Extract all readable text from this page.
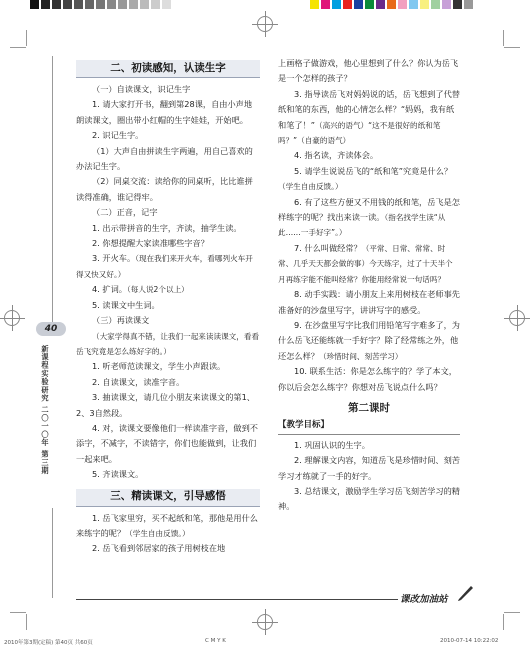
40
新课程实验研究 二〇一〇年 第三期
二、初读感知，认读生字

（一）自读课文，识记生字

1. 请大家打开书，翻到第28课，自由小声地朗读课文，圈出带小红帽的生字娃娃，开始吧。

2. 识记生字。

（1）大声自由拼读生字两遍，用自己喜欢的办法记生字。

（2）同桌交流：读给你的同桌听，比比谁拼读得准确，谁记得牢。

（二）正音，记字

1. 出示带拼音的生字，齐读，抽学生读。

2. 你想提醒大家读准哪些字音？

3. 开火车。（现在我们来开火车，看哪列火车开得又快又好。）

4. 扩词。（每人说2个以上）

5. 读课文中生词。

（三）再读课文

（大家学得真不错，让我们一起来读读课文，看看岳飞究竟是怎么练好字的。）

1. 听老师范读课文，学生小声跟读。

2. 自读课文，读准字音。

3. 抽读课文，请几位小朋友来读课文的第1、2、3自然段。

4. 对，读课文要像他们一样读准字音，做到不添字，不减字，不读错字，你们也能做到，让我们一起来吧。

5. 齐读课文。

三、精读课文，引导感悟

1. 岳飞家里穷，买不起纸和笔，那他是用什么来练字的呢？（学生自由反馈。）

2. 岳飞看到邻居家的孩子用树枝在地

上画格子做游戏，他心里想到了什么？你认为岳飞是一个怎样的孩子？

3. 指导读岳飞对妈妈说的话，岳飞想到了代替纸和笔的东西，他的心情怎么样？“妈妈，我有纸和笔了！”（高兴的语气）“这不是很好的纸和笔吗？”（自豪的语气）

4. 指名读，齐读体会。

5. 请学生说说岳飞的“纸和笔”究竟是什么？（学生自由反馈。）

6. 有了这些方便又不用钱的纸和笔，岳飞是怎样练字的呢？找出来读一读。（指名找学生读“从此……一手好字”。）

7. 什么叫做经常？（平常、日常、常常、时常、几乎天天都会做的事）今天练字，过了十天半个月再练字能不能叫经常？你能用经常说一句话吗？

8. 动手实践：请小朋友上来用树枝在老师事先准备好的沙盘里写字，讲讲写字的感受。

9. 在沙盘里写字比我们用铅笔写字难多了，为什么岳飞还能练就一手好字？除了经常练之外，他还怎么样？（珍惜时间、刻苦学习）

10. 联系生活：你是怎么练字的？学了本文，你以后会怎么练字？你想对岳飞说点什么吗？

第二课时
【教学目标】

1. 巩固认识的生字。

2. 理解课文内容，知道岳飞是珍惜时间、刻苦学习才练就了一手的好字。

3. 总结课文，激励学生学习岳飞刻苦学习的精神。

课改加油站
2010年第3期(定稿) 第40页 共60页	C M Y K	2010-07-14 10:22:02
